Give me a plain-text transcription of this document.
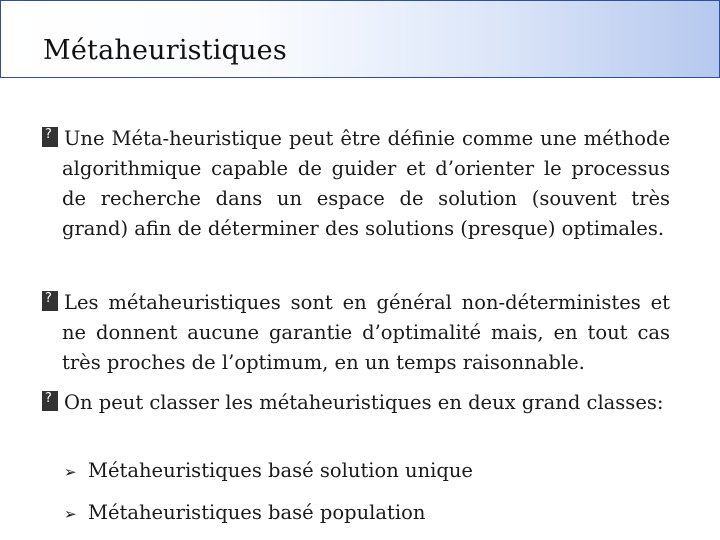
Métaheuristiques
?Une Méta-heuristique peut être définie comme une méthode algorithmique capable de guider et d’orienter le processus de recherche dans un espace de solution (souvent très grand) afin de déterminer des solutions (presque) optimales.
?Les métaheuristiques sont en général non-déterministes et ne donnent aucune garantie d’optimalité mais, en tout cas très proches de l’optimum, en un temps raisonnable.
?On peut classer les métaheuristiques en deux grand classes:
➢ Métaheuristiques basé solution unique
➢ Métaheuristiques basé population
